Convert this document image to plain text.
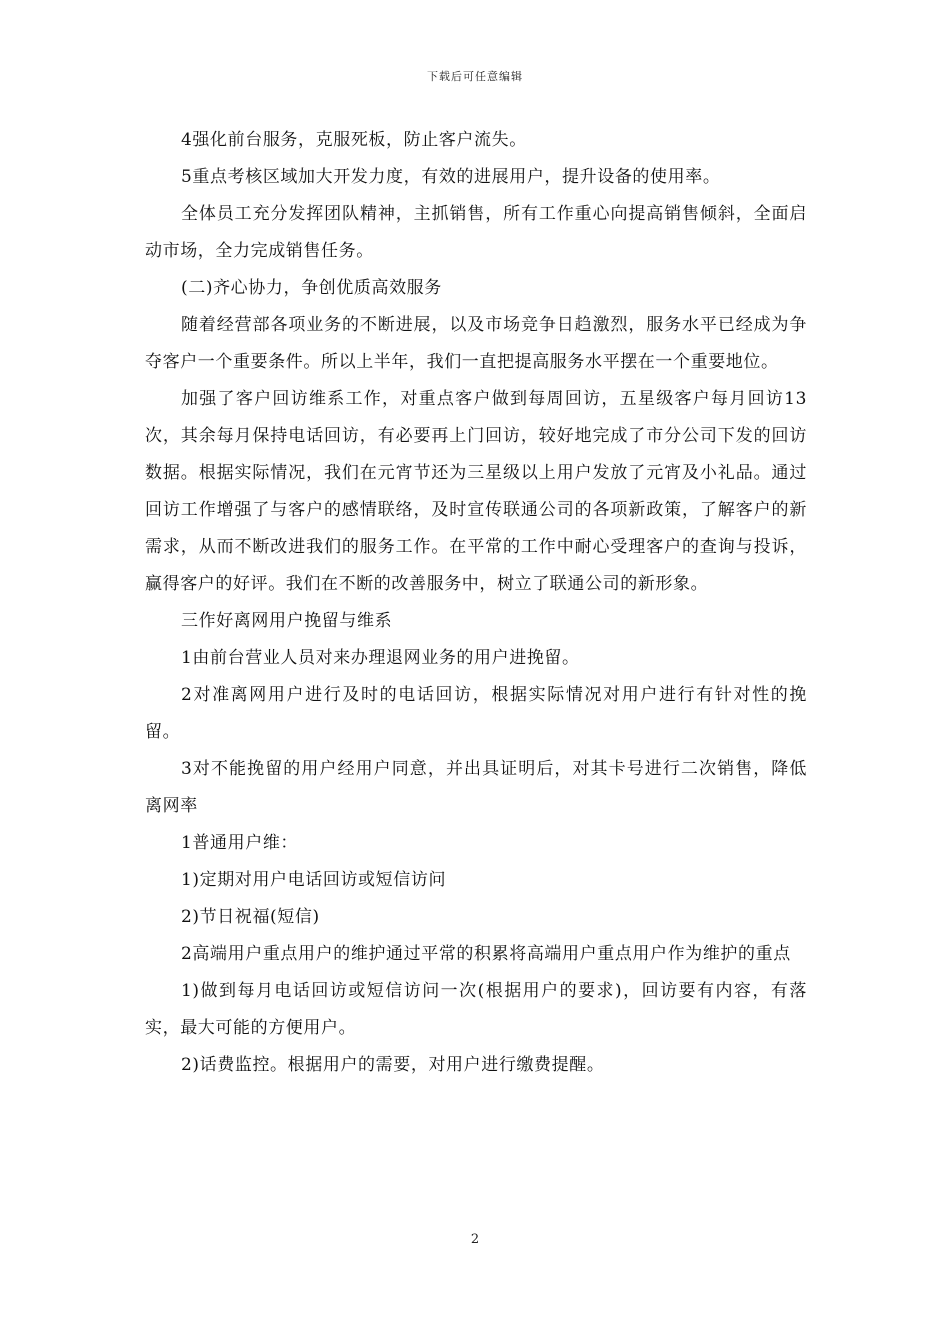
下载后可任意编辑

4强化前台服务，克服死板，防止客户流失。

5重点考核区域加大开发力度，有效的进展用户，提升设备的使用率。

全体员工充分发挥团队精神，主抓销售，所有工作重心向提高销售倾斜，全面启动市场，全力完成销售任务。

(二)齐心协力，争创优质高效服务

随着经营部各项业务的不断进展，以及市场竞争日趋激烈，服务水平已经成为争夺客户一个重要条件。所以上半年，我们一直把提高服务水平摆在一个重要地位。

加强了客户回访维系工作，对重点客户做到每周回访，五星级客户每月回访13次，其余每月保持电话回访，有必要再上门回访，较好地完成了市分公司下发的回访数据。根据实际情况，我们在元宵节还为三星级以上用户发放了元宵及小礼品。通过回访工作增强了与客户的感情联络，及时宣传联通公司的各项新政策，了解客户的新需求，从而不断改进我们的服务工作。在平常的工作中耐心受理客户的查询与投诉，赢得客户的好评。我们在不断的改善服务中，树立了联通公司的新形象。

三作好离网用户挽留与维系

1由前台营业人员对来办理退网业务的用户进挽留。

2对准离网用户进行及时的电话回访，根据实际情况对用户进行有针对性的挽留。

3对不能挽留的用户经用户同意，并出具证明后，对其卡号进行二次销售，降低离网率

1普通用户维：

1)定期对用户电话回访或短信访问

2)节日祝福(短信)

2高端用户重点用户的维护通过平常的积累将高端用户重点用户作为维护的重点

1)做到每月电话回访或短信访问一次(根据用户的要求)，回访要有内容，有落实，最大可能的方便用户。

2)话费监控。根据用户的需要，对用户进行缴费提醒。

2
